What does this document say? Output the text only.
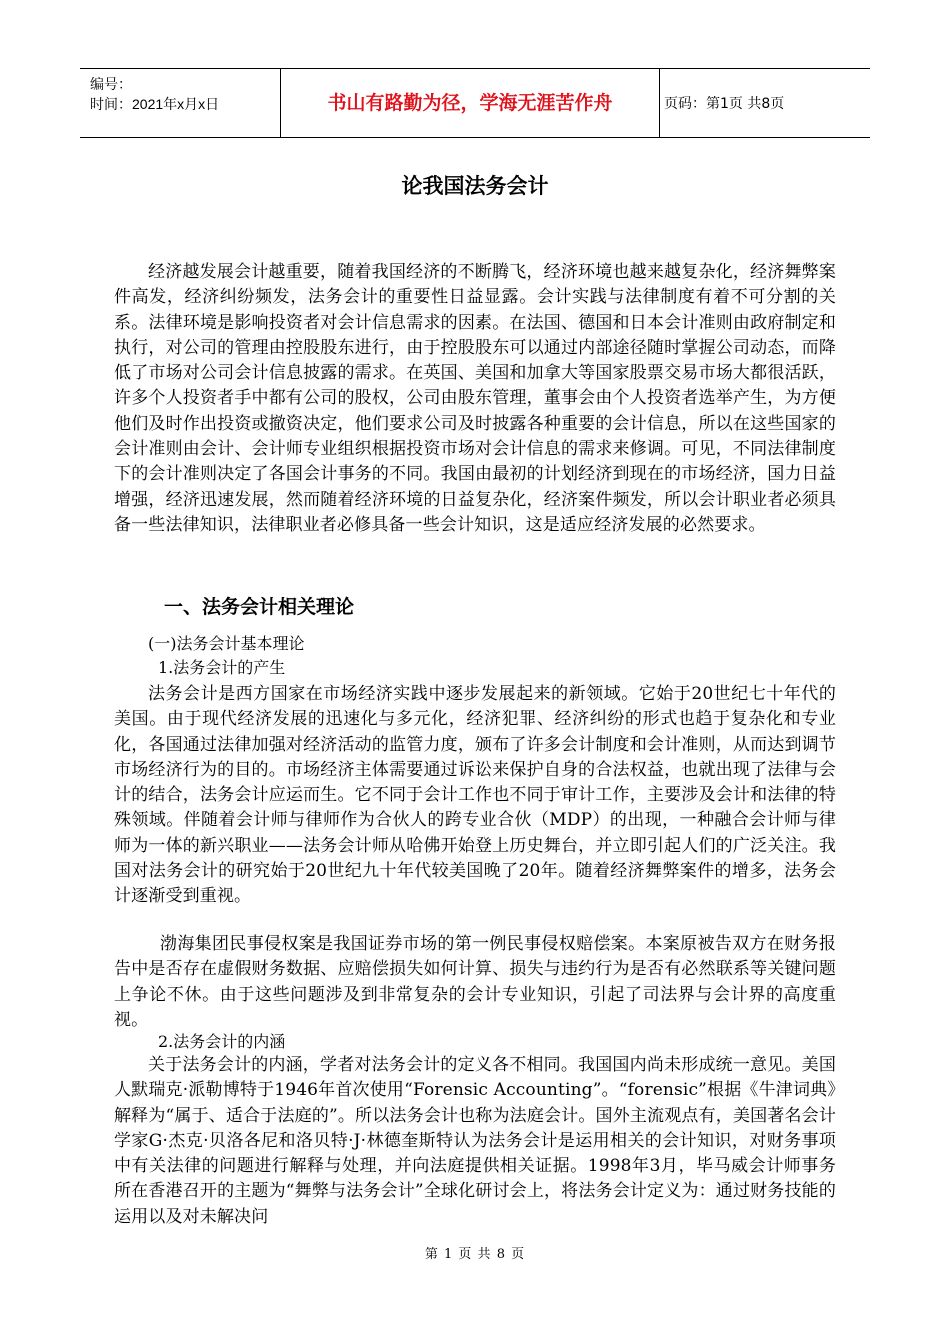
编号：
时间：2021年x月x日	书山有路勤为径，学海无涯苦作舟	页码：第1页 共8页
论我国法务会计

经济越发展会计越重要，随着我国经济的不断腾飞，经济环境也越来越复杂化，经济舞弊案件高发，经济纠纷频发，法务会计的重要性日益显露。会计实践与法律制度有着不可分割的关系。法律环境是影响投资者对会计信息需求的因素。在法国、德国和日本会计准则由政府制定和执行，对公司的管理由控股股东进行，由于控股股东可以通过内部途径随时掌握公司动态，而降低了市场对公司会计信息披露的需求。在英国、美国和加拿大等国家股票交易市场大都很活跃，许多个人投资者手中都有公司的股权，公司由股东管理，董事会由个人投资者选举产生，为方便他们及时作出投资或撤资决定，他们要求公司及时披露各种重要的会计信息，所以在这些国家的会计准则由会计、会计师专业组织根据投资市场对会计信息的需求来修调。可见，不同法律制度下的会计准则决定了各国会计事务的不同。我国由最初的计划经济到现在的市场经济，国力日益增强，经济迅速发展，然而随着经济环境的日益复杂化，经济案件频发，所以会计职业者必须具备一些法律知识，法律职业者必修具备一些会计知识，这是适应经济发展的必然要求。

一、法务会计相关理论
(一)法务会计基本理论
1.法务会计的产生

法务会计是西方国家在市场经济实践中逐步发展起来的新领域。它始于20世纪七十年代的美国。由于现代经济发展的迅速化与多元化，经济犯罪、经济纠纷的形式也趋于复杂化和专业化，各国通过法律加强对经济活动的监管力度，颁布了许多会计制度和会计准则，从而达到调节市场经济行为的目的。市场经济主体需要通过诉讼来保护自身的合法权益，也就出现了法律与会计的结合，法务会计应运而生。它不同于会计工作也不同于审计工作，主要涉及会计和法律的特殊领域。伴随着会计师与律师作为合伙人的跨专业合伙（MDP）的出现，一种融合会计师与律师为一体的新兴职业——法务会计师从哈佛开始登上历史舞台，并立即引起人们的广泛关注。我国对法务会计的研究始于20世纪九十年代较美国晚了20年。随着经济舞弊案件的增多，法务会计逐渐受到重视。

渤海集团民事侵权案是我国证券市场的第一例民事侵权赔偿案。本案原被告双方在财务报告中是否存在虚假财务数据、应赔偿损失如何计算、损失与违约行为是否有必然联系等关键问题上争论不休。由于这些问题涉及到非常复杂的会计专业知识，引起了司法界与会计界的高度重视。

2.法务会计的内涵

关于法务会计的内涵，学者对法务会计的定义各不相同。我国国内尚未形成统一意见。美国人默瑞克·派勒博特于1946年首次使用“Forensic Accounting”。“forensic”根据《牛津词典》解释为“属于、适合于法庭的”。所以法务会计也称为法庭会计。国外主流观点有，美国著名会计学家G·杰克·贝洛各尼和洛贝特·J·林德奎斯特认为法务会计是运用相关的会计知识，对财务事项中有关法律的问题进行解释与处理，并向法庭提供相关证据。1998年3月，毕马威会计师事务所在香港召开的主题为“舞弊与法务会计”全球化研讨会上，将法务会计定义为：通过财务技能的运用以及对未解决问

第 1 页 共 8 页
